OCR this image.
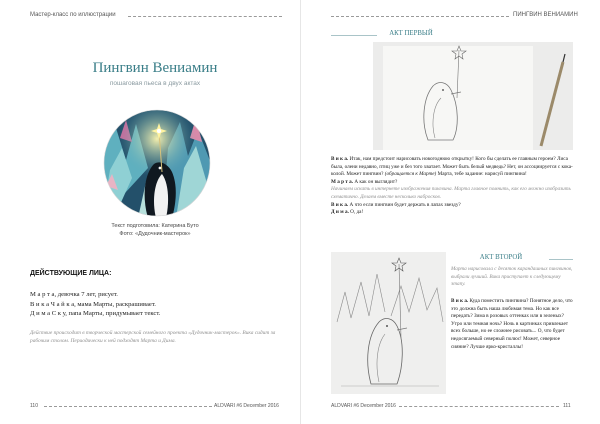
Мастер-класс по иллюстрации
Пингвин Вениамин
пошаговая пьеса в двух актах
Текст подготовила: Катерина Буто
Фото: «Дудочник-мастерок»
ДЕЙСТВУЮЩИЕ ЛИЦА:
М а р т а, девочка 7 лет, рисует.
В и к а Ч а й к а, мама Марты, раскрашивает.
Д и м а С к у, папа Марты, придумывает текст.
Действие происходит в творческой мастерской семейного проекта «Дудочник-мастерок». Вика сидит за рабочим столом. Периодически к ней подходят Марта и Дима.
110	ALDVARI #6 December 2016
ПИНГВИН ВЕНИАМИН
АКТ ПЕРВЫЙ

В и к а. Итак, нам предстоит нарисовать новогоднюю открытку! Кого бы сделать ее главным героем? Лиса была, олени недавно, птиц уже и без того хватает. Может быть белый медведь? Нет, он ассоциируется с кока-колой. Может пингвин? (обращается к Марте) Марта, тебе задание: нарисуй пингвина!

М а р т а. А как он выглядит?

Начинаем искать в интернете изображения пингвина. Марта главное помнить, как его можно изобразить схематично. Делаем вместе несколько набросков.

В и к а. А что если пингвин будет держать в лапах звезду?

Д и м а. О, да!

АКТ ВТОРОЙ
Марта нарисовала с десяток карандашных пингвинов, выбрали лучший. Вика приступает к следующему этапу.

В и к а. Куда поместить пингвина? Понятное дело, что это должна быть наша любимая тема. Но как все передать? Зима в розовых оттенках или в зеленых? Утро или темная ночь? Ночь в картинках привлекает всех больше, но ее сложнее рисовать... О, что будет недосягаемый северный полюс! Может, северное сияние? Лучше ярко-кристаллы!

ALDVARI #6 December 2016	111
